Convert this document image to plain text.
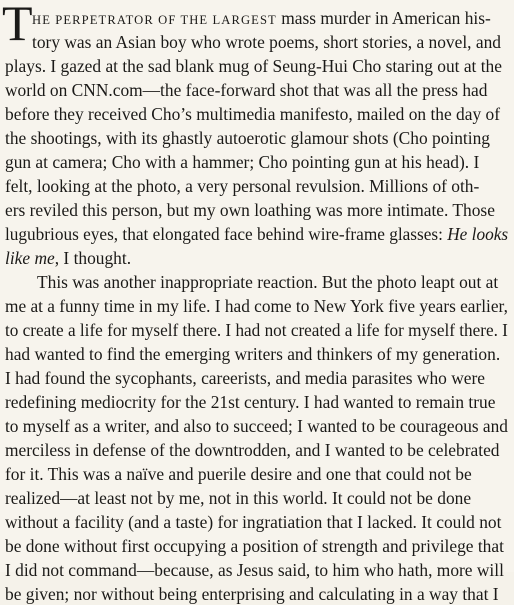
T HE PERPETRATOR OF THE LARGEST mass murder in American his-
tory was an Asian boy who wrote poems, short stories, a novel, and
plays. I gazed at the sad blank mug of Seung-Hui Cho staring out at the
world on CNN.com—the face-forward shot that was all the press had
before they received Cho’s multimedia manifesto, mailed on the day of
the shootings, with its ghastly autoerotic glamour shots (Cho pointing
gun at camera; Cho with a hammer; Cho pointing gun at his head). I
felt, looking at the photo, a very personal revulsion. Millions of oth-
ers reviled this person, but my own loathing was more intimate. Those
lugubrious eyes, that elongated face behind wire-frame glasses: He looks
like me, I thought.
This was another inappropriate reaction. But the photo leapt out at
me at a funny time in my life. I had come to New York five years earlier,
to create a life for myself there. I had not created a life for myself there. I
had wanted to find the emerging writers and thinkers of my generation.
I had found the sycophants, careerists, and media parasites who were
redefining mediocrity for the 21st century. I had wanted to remain true
to myself as a writer, and also to succeed; I wanted to be courageous and
merciless in defense of the downtrodden, and I wanted to be celebrated
for it. This was a naïve and puerile desire and one that could not be
realized—at least not by me, not in this world. It could not be done
without a facility (and a taste) for ingratiation that I lacked. It could not
be done without first occupying a position of strength and privilege that
I did not command—because, as Jesus said, to him who hath, more will
be given; nor without being enterprising and calculating in a way that I
